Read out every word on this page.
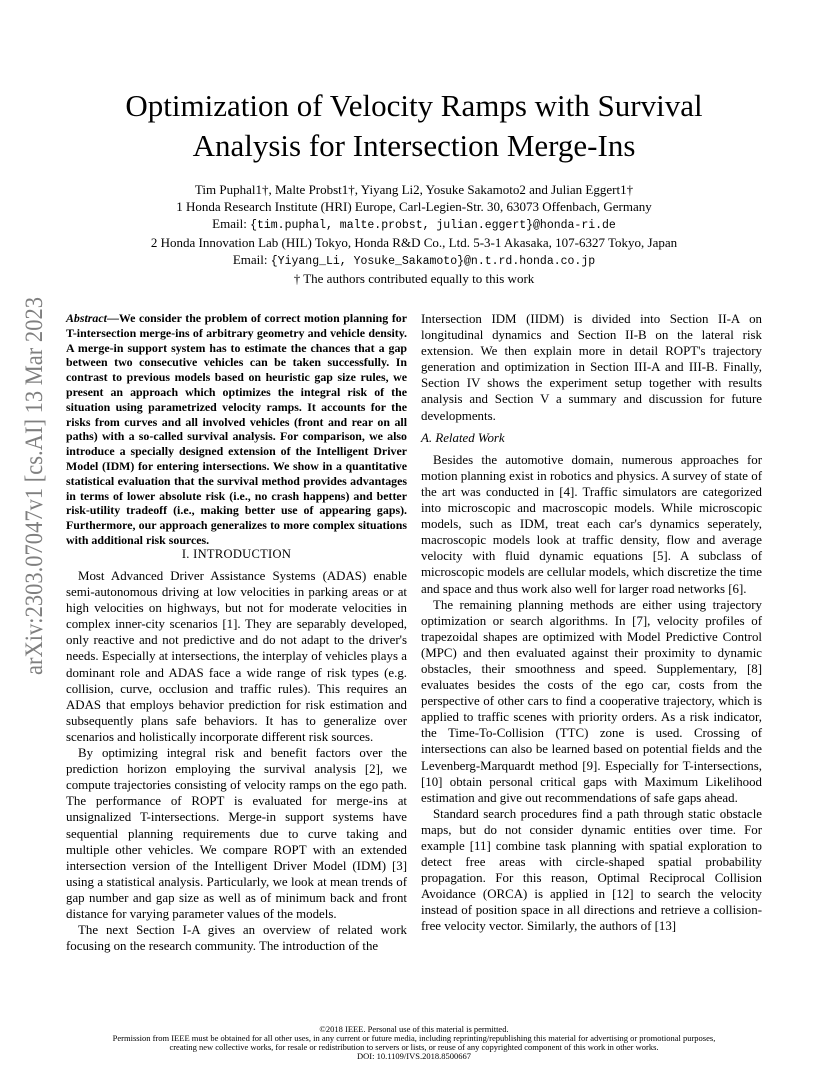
Optimization of Velocity Ramps with Survival
Analysis for Intersection Merge-Ins
Tim Puphal1†, Malte Probst1†, Yiyang Li2, Yosuke Sakamoto2 and Julian Eggert1†
1 Honda Research Institute (HRI) Europe, Carl-Legien-Str. 30, 63073 Offenbach, Germany
Email: {tim.puphal, malte.probst, julian.eggert}@honda-ri.de
2 Honda Innovation Lab (HIL) Tokyo, Honda R&D Co., Ltd. 5-3-1 Akasaka, 107-6327 Tokyo, Japan
Email: {Yiyang_Li, Yosuke_Sakamoto}@n.t.rd.honda.co.jp
† The authors contributed equally to this work
arXiv:2303.07047v1 [cs.AI] 13 Mar 2023 Abstract—We consider the problem of correct motion planning for T-intersection merge-ins of arbitrary geometry and vehicle density. A merge-in support system has to estimate the chances that a gap between two consecutive vehicles can be taken successfully. In contrast to previous models based on heuristic gap size rules, we present an approach which optimizes the integral risk of the situation using parametrized velocity ramps. It accounts for the risks from curves and all involved vehicles (front and rear on all paths) with a so-called survival analysis. For comparison, we also introduce a specially designed extension of the Intelligent Driver Model (IDM) for entering intersections. We show in a quantitative statistical evaluation that the survival method provides advantages in terms of lower absolute risk (i.e., no crash happens) and better risk-utility tradeoff (i.e., making better use of appearing gaps). Furthermore, our approach generalizes to more complex situations with additional risk sources.
I. INTRODUCTION

Most Advanced Driver Assistance Systems (ADAS) enable semi-autonomous driving at low velocities in parking areas or at high velocities on highways, but not for moderate velocities in complex inner-city scenarios [1]. They are separably developed, only reactive and not predictive and do not adapt to the driver's needs. Especially at intersections, the interplay of vehicles plays a dominant role and ADAS face a wide range of risk types (e.g. collision, curve, occlusion and traffic rules). This requires an ADAS that employs behavior prediction for risk estimation and subsequently plans safe behaviors. It has to generalize over scenarios and holistically incorporate different risk sources.

By optimizing integral risk and benefit factors over the prediction horizon employing the survival analysis [2], we compute trajectories consisting of velocity ramps on the ego path. The performance of ROPT is evaluated for merge-ins at unsignalized T-intersections. Merge-in support systems have sequential planning requirements due to curve taking and multiple other vehicles. We compare ROPT with an extended intersection version of the Intelligent Driver Model (IDM) [3] using a statistical analysis. Particularly, we look at mean trends of gap number and gap size as well as of minimum back and front distance for varying parameter values of the models.

The next Section I-A gives an overview of related work focusing on the research community. The introduction of the

Intersection IDM (IIDM) is divided into Section II-A on longitudinal dynamics and Section II-B on the lateral risk extension. We then explain more in detail ROPT's trajectory generation and optimization in Section III-A and III-B. Finally, Section IV shows the experiment setup together with results analysis and Section V a summary and discussion for future developments.

A. Related Work

Besides the automotive domain, numerous approaches for motion planning exist in robotics and physics. A survey of state of the art was conducted in [4]. Traffic simulators are categorized into microscopic and macroscopic models. While microscopic models, such as IDM, treat each car's dynamics seperately, macroscopic models look at traffic density, flow and average velocity with fluid dynamic equations [5]. A subclass of microscopic models are cellular models, which discretize the time and space and thus work also well for larger road networks [6].

The remaining planning methods are either using trajectory optimization or search algorithms. In [7], velocity profiles of trapezoidal shapes are optimized with Model Predictive Control (MPC) and then evaluated against their proximity to dynamic obstacles, their smoothness and speed. Supplementary, [8] evaluates besides the costs of the ego car, costs from the perspective of other cars to find a cooperative trajectory, which is applied to traffic scenes with priority orders. As a risk indicator, the Time-To-Collision (TTC) zone is used. Crossing of intersections can also be learned based on potential fields and the Levenberg-Marquardt method [9]. Especially for T-intersections, [10] obtain personal critical gaps with Maximum Likelihood estimation and give out recommendations of safe gaps ahead.

Standard search procedures find a path through static obstacle maps, but do not consider dynamic entities over time. For example [11] combine task planning with spatial exploration to detect free areas with circle-shaped spatial probability propagation. For this reason, Optimal Reciprocal Collision Avoidance (ORCA) is applied in [12] to search the velocity instead of position space in all directions and retrieve a collision-free velocity vector. Similarly, the authors of [13]

©2018 IEEE. Personal use of this material is permitted.
Permission from IEEE must be obtained for all other uses, in any current or future media, including reprinting/republishing this material for advertising or promotional purposes,
creating new collective works, for resale or redistribution to servers or lists, or reuse of any copyrighted component of this work in other works.
DOI: 10.1109/IVS.2018.8500667
